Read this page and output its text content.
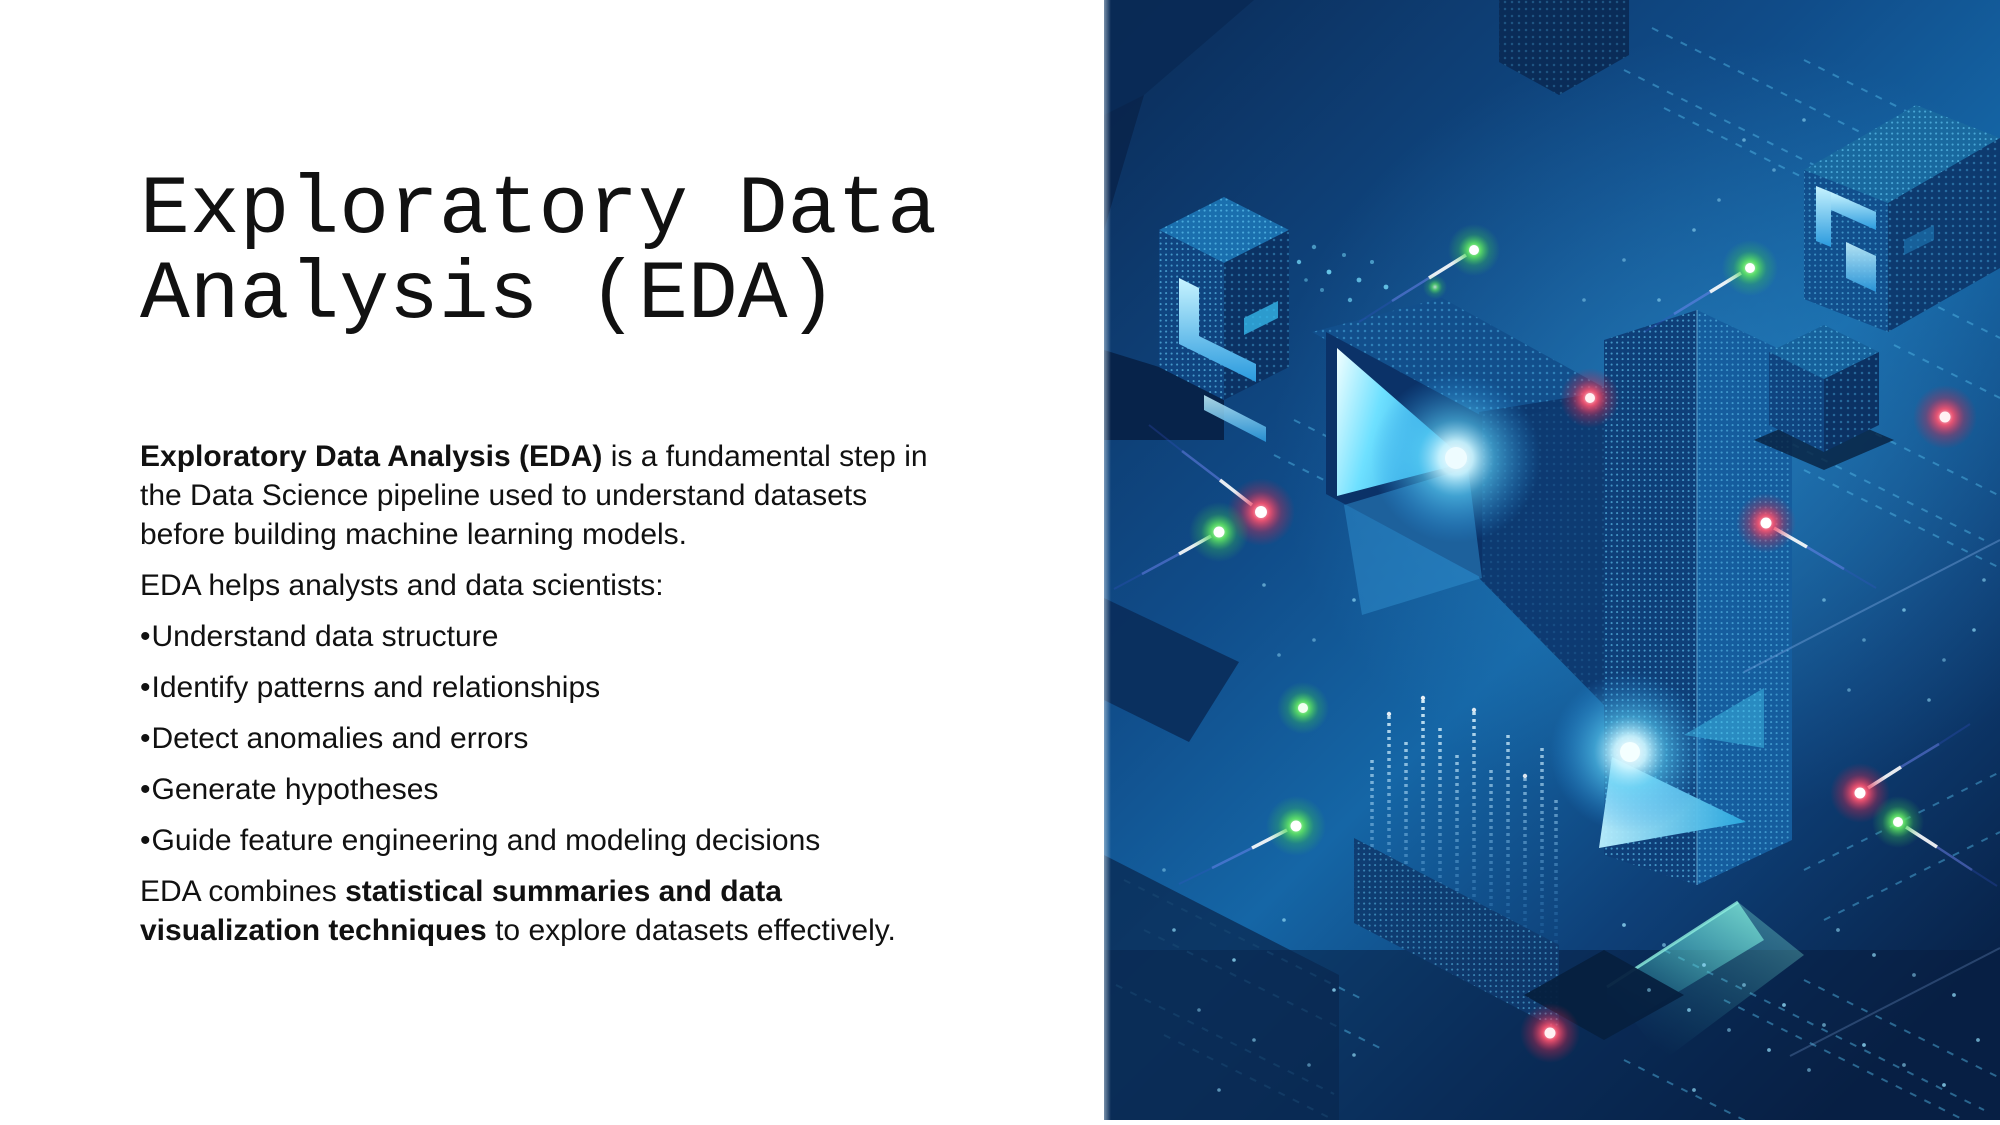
Exploratory Data
Analysis (EDA)

Exploratory Data Analysis (EDA) is a fundamental step in the Data Science pipeline used to understand datasets before building machine learning models.

EDA helps analysts and data scientists:

•Understand data structure

•Identify patterns and relationships

•Detect anomalies and errors

•Generate hypotheses

•Guide feature engineering and modeling decisions

EDA combines statistical summaries and data visualization techniques to explore datasets effectively.
